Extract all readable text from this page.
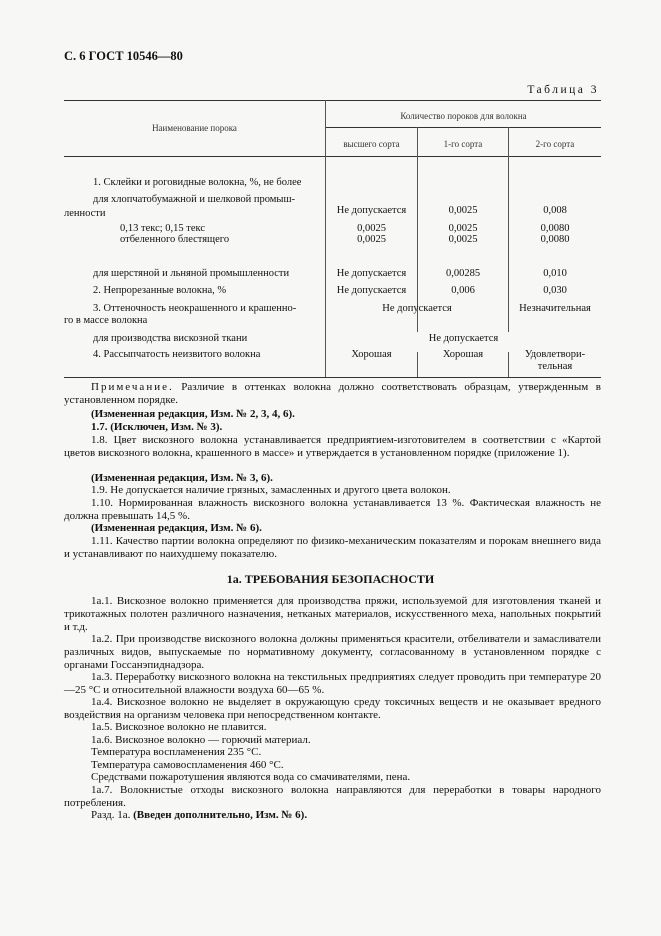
С. 6 ГОСТ 10546—80
Таблица 3
Наименование порока
Количество пороков для волокна
высшего сорта	1-го сорта	2-го сорта
1. Склейки и роговидные волокна, %, не более
для хлопчатобумажной и шелковой промыш-
ленности	Не допускается	0,0025	0,008
0,13 текс; 0,15 текс	0,0025	0,0025	0,0080
отбеленного блестящего	0,0025	0,0025	0,0080
для шерстяной и льняной промышленности	Не допускается	0,00285	0,010
2. Непрорезанные волокна, %	Не допускается	0,006	0,030
3. Оттеночность неокрашенного и крашенно-
го в массе волокна
Не допускается	Незначительная
для производства вискозной ткани	Не допускается
4. Рассыпчатость неизвитого волокна	Хорошая	Хорошая	Удовлетвори-
тельная
Примечание. Различие в оттенках волокна должно соответствовать образцам, утвержденным в установленном порядке.
(Измененная редакция, Изм. № 2, 3, 4, 6).
1.7. (Исключен, Изм. № 3).
1.8. Цвет вискозного волокна устанавливается предприятием-изготовителем в соответствии с «Картой цветов вискозного волокна, крашенного в массе» и утверждается в установленном порядке (приложение 1).
(Измененная редакция, Изм. № 3, 6).
1.9. Не допускается наличие грязных, замасленных и другого цвета волокон.
1.10. Нормированная влажность вискозного волокна устанавливается 13 %. Фактическая влажность не должна превышать 14,5 %.
(Измененная редакция, Изм. № 6).
1.11. Качество партии волокна определяют по физико-механическим показателям и порокам внешнего вида и устанавливают по наихудшему показателю.
1а. ТРЕБОВАНИЯ БЕЗОПАСНОСТИ
1а.1. Вискозное волокно применяется для производства пряжи, используемой для изготовления тканей и трикотажных полотен различного назначения, нетканых материалов, искусственного меха, напольных покрытий и т.д.
1а.2. При производстве вискозного волокна должны применяться красители, отбеливатели и замасливатели различных видов, выпускаемые по нормативному документу, согласованному в установленном порядке с органами Госсанэпиднадзора.
1а.3. Переработку вискозного волокна на текстильных предприятиях следует проводить при температуре 20—25 °С и относительной влажности воздуха 60—65 %.
1а.4. Вискозное волокно не выделяет в окружающую среду токсичных веществ и не оказывает вредного воздействия на организм человека при непосредственном контакте.
1а.5. Вискозное волокно не плавится.
1а.6. Вискозное волокно — горючий материал.
Температура воспламенения 235 °С.
Температура самовоспламенения 460 °С.
Средствами пожаротушения являются вода со смачивателями, пена.
1а.7. Волокнистые отходы вискозного волокна направляются для переработки в товары народного потребления.
Разд. 1а. (Введен дополнительно, Изм. № 6).
